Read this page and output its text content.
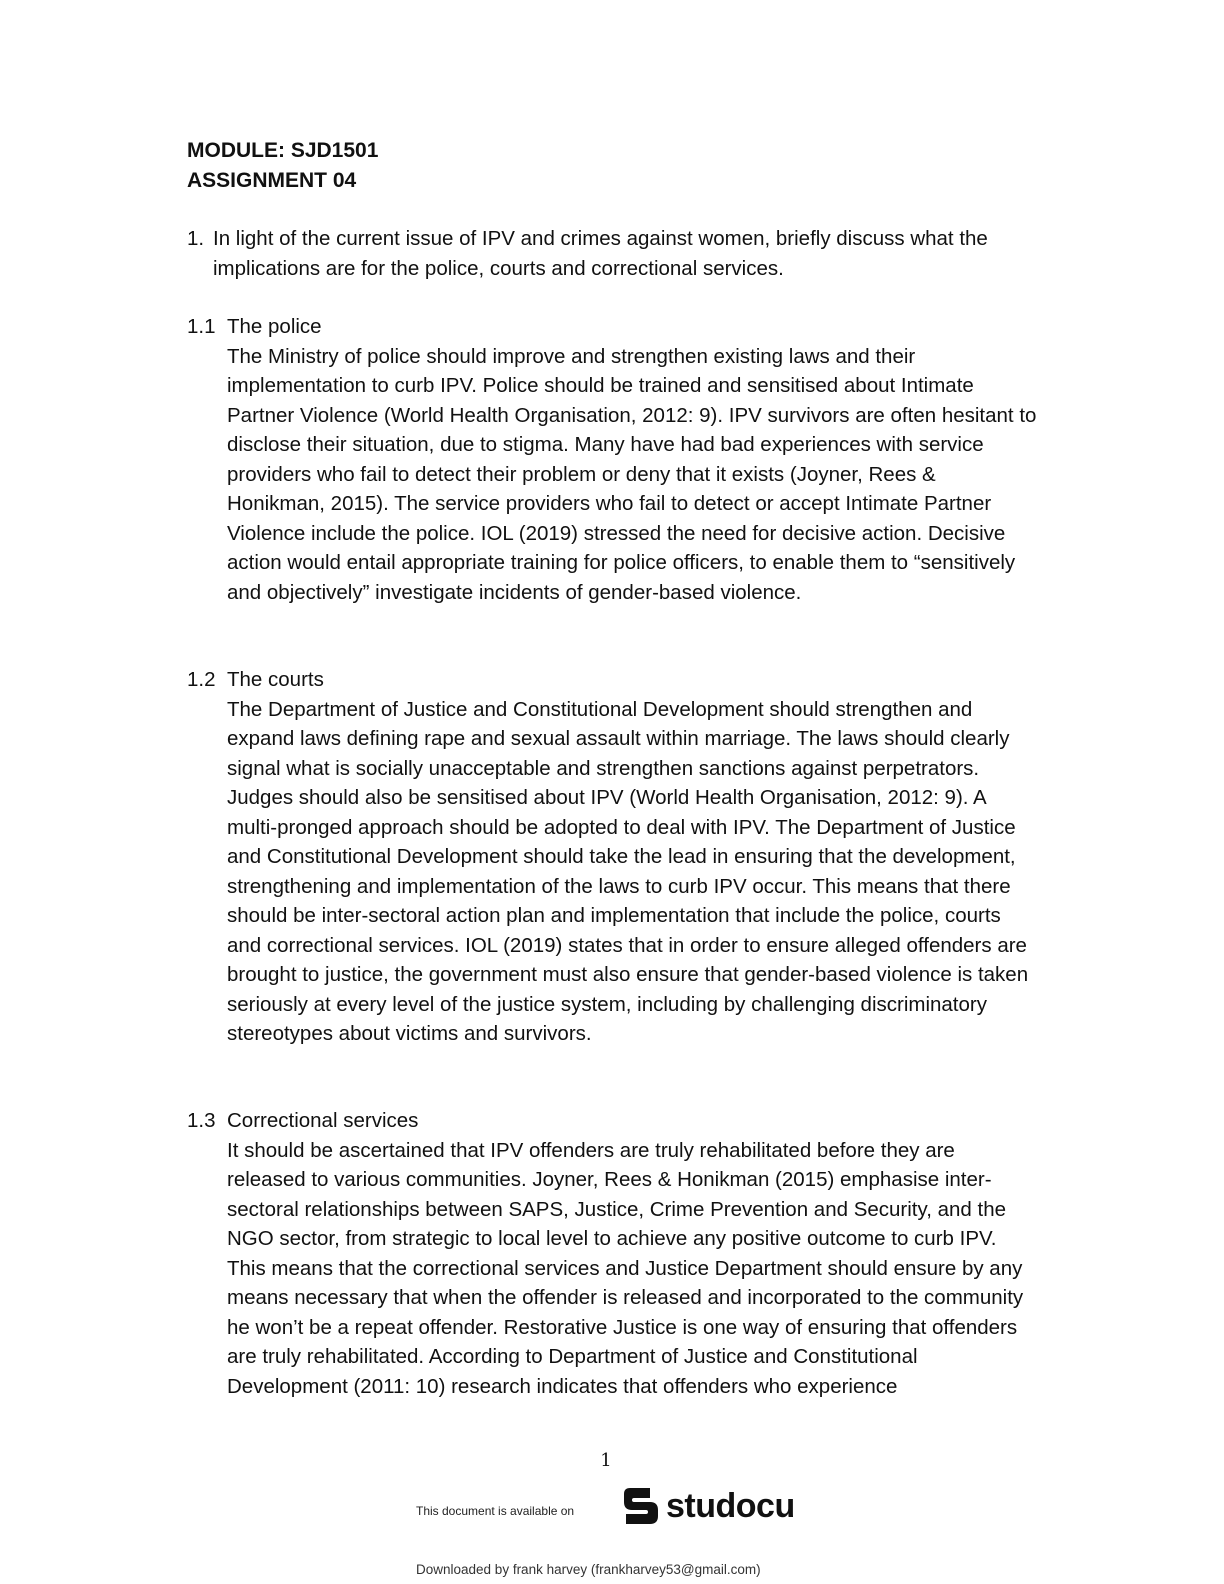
MODULE: SJD1501
ASSIGNMENT 04
1. In light of the current issue of IPV and crimes against women, briefly discuss what the implications are for the police, courts and correctional services.
1.1 The police
The Ministry of police should improve and strengthen existing laws and their implementation to curb IPV. Police should be trained and sensitised about Intimate Partner Violence (World Health Organisation, 2012: 9). IPV survivors are often hesitant to disclose their situation, due to stigma. Many have had bad experiences with service providers who fail to detect their problem or deny that it exists (Joyner, Rees & Honikman, 2015). The service providers who fail to detect or accept Intimate Partner Violence include the police. IOL (2019) stressed the need for decisive action. Decisive action would entail appropriate training for police officers, to enable them to “sensitively and objectively” investigate incidents of gender-based violence.
1.2 The courts
The Department of Justice and Constitutional Development should strengthen and expand laws defining rape and sexual assault within marriage. The laws should clearly signal what is socially unacceptable and strengthen sanctions against perpetrators. Judges should also be sensitised about IPV (World Health Organisation, 2012: 9). A multi-pronged approach should be adopted to deal with IPV. The Department of Justice and Constitutional Development should take the lead in ensuring that the development, strengthening and implementation of the laws to curb IPV occur. This means that there should be inter-sectoral action plan and implementation that include the police, courts and correctional services. IOL (2019) states that in order to ensure alleged offenders are brought to justice, the government must also ensure that gender-based violence is taken seriously at every level of the justice system, including by challenging discriminatory stereotypes about victims and survivors.
1.3 Correctional services
It should be ascertained that IPV offenders are truly rehabilitated before they are released to various communities. Joyner, Rees & Honikman (2015) emphasise inter-sectoral relationships between SAPS, Justice, Crime Prevention and Security, and the NGO sector, from strategic to local level to achieve any positive outcome to curb IPV. This means that the correctional services and Justice Department should ensure by any means necessary that when the offender is released and incorporated to the community he won’t be a repeat offender. Restorative Justice is one way of ensuring that offenders are truly rehabilitated. According to Department of Justice and Constitutional Development (2011: 10) research indicates that offenders who experience
1
This document is available on	studocu
Downloaded by frank harvey (frankharvey53@gmail.com)
